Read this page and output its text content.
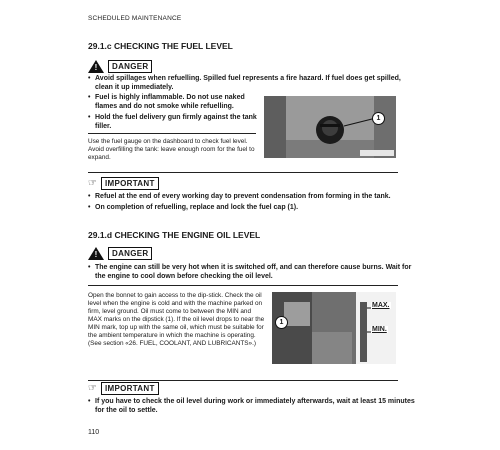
SCHEDULED MAINTENANCE
29.1.c CHECKING THE FUEL LEVEL
!	DANGER
• Avoid spillages when refuelling. Spilled fuel represents a fire hazard. If fuel does get spilled, clean it up immediately.
• Fuel is highly inflammable. Do not use naked flames and do not smoke while refuelling.
• Hold the fuel delivery gun firmly against the tank filler.
Use the fuel gauge on the dashboard to check fuel level. Avoid overfilling the tank: leave enough room for the fuel to expand.
1
☞	IMPORTANT
• Refuel at the end of every working day to prevent condensation from forming in the tank.
• On completion of refuelling, replace and lock the fuel cap (1).
29.1.d CHECKING THE ENGINE OIL LEVEL
!	DANGER
• The engine can still be very hot when it is switched off, and can therefore cause burns. Wait for the engine to cool down before checking the oil level.
Open the bonnet to gain access to the dip-stick. Check the oil level when the engine is cold and with the machine parked on firm, level ground. Oil must come to between the MIN and MAX marks on the dipstick (1). If the oil level drops to near the MIN mark, top up with the same oil, which must be suitable for the ambient temperature in which the machine is operating.
(See section «26. FUEL, COOLANT, AND LUBRICANTS».)
1
MAX.
MIN.
☞	IMPORTANT
• If you have to check the oil level during work or immediately afterwards, wait at least 15 minutes for the oil to settle.
110
